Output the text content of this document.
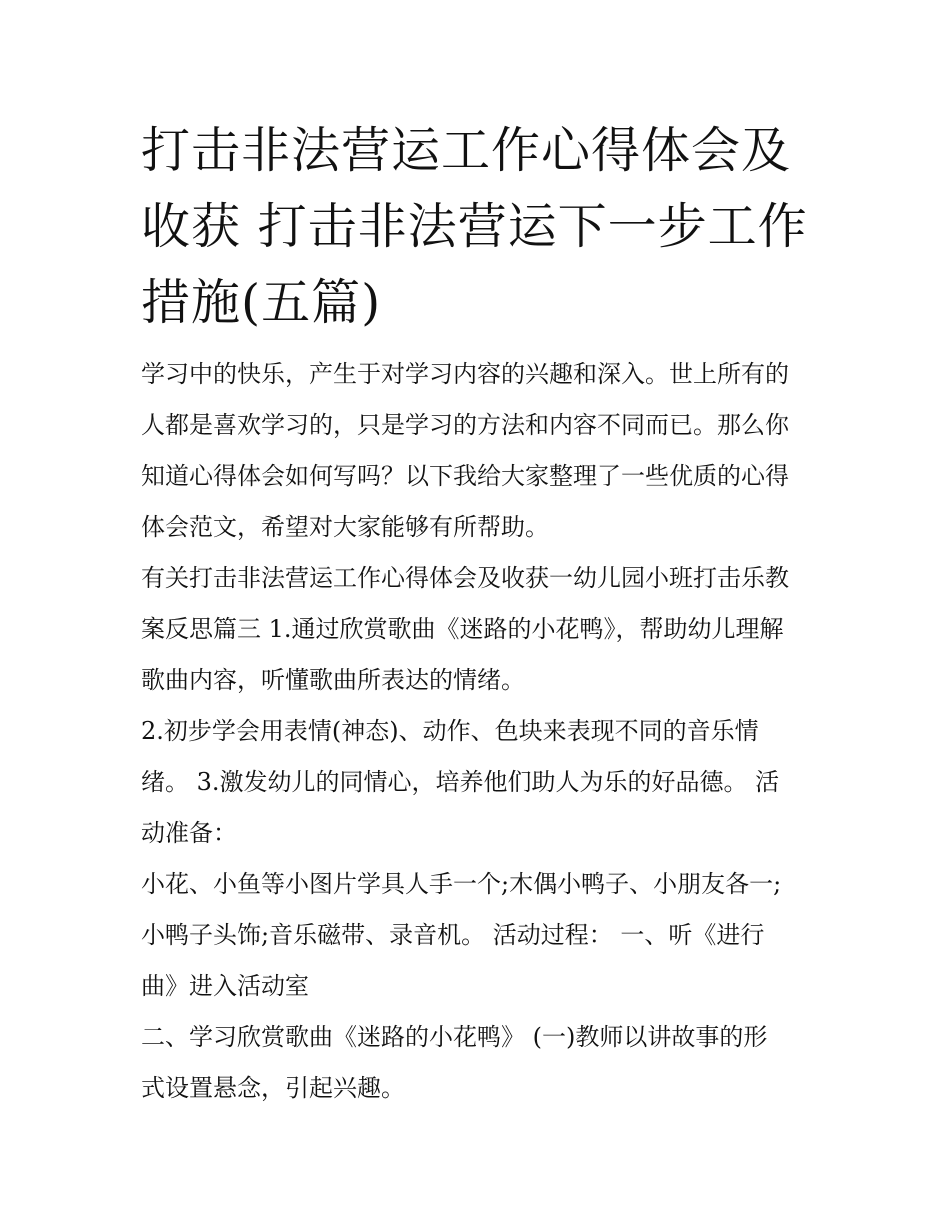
打击非法营运工作心得体会及
收获 打击非法营运下一步工作
措施(五篇)

学习中的快乐，产生于对学习内容的兴趣和深入。世上所有的
人都是喜欢学习的，只是学习的方法和内容不同而已。那么你
知道心得体会如何写吗？以下我给大家整理了一些优质的心得
体会范文，希望对大家能够有所帮助。

有关打击非法营运工作心得体会及收获一幼儿园小班打击乐教
案反思篇三 1.通过欣赏歌曲《迷路的小花鸭》，帮助幼儿理解
歌曲内容，听懂歌曲所表达的情绪。

2.初步学会用表情(神态)、动作、色块来表现不同的音乐情
绪。 3.激发幼儿的同情心，培养他们助人为乐的好品德。 活
动准备：

小花、小鱼等小图片学具人手一个;木偶小鸭子、小朋友各一;
小鸭子头饰;音乐磁带、录音机。 活动过程： 一、听《进行
曲》进入活动室

二、学习欣赏歌曲《迷路的小花鸭》 (一)教师以讲故事的形
式设置悬念，引起兴趣。
